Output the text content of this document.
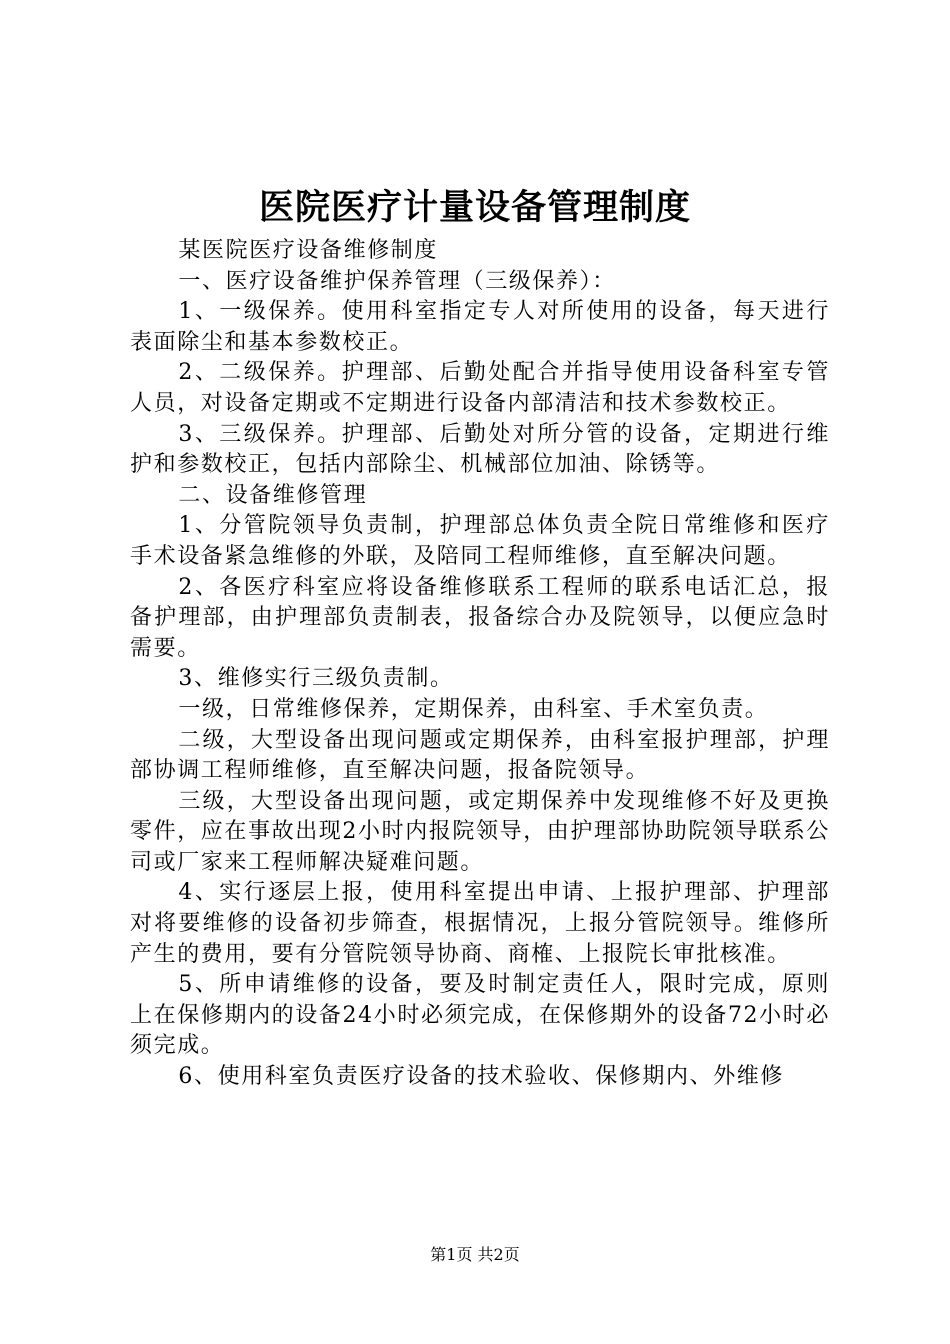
医院医疗计量设备管理制度

某医院医疗设备维修制度

一、医疗设备维护保养管理（三级保养）：

1、一级保养。使用科室指定专人对所使用的设备，每天进行表面除尘和基本参数校正。

2、二级保养。护理部、后勤处配合并指导使用设备科室专管人员，对设备定期或不定期进行设备内部清洁和技术参数校正。

3、三级保养。护理部、后勤处对所分管的设备，定期进行维护和参数校正，包括内部除尘、机械部位加油、除锈等。

二、设备维修管理

1、分管院领导负责制，护理部总体负责全院日常维修和医疗手术设备紧急维修的外联，及陪同工程师维修，直至解决问题。

2、各医疗科室应将设备维修联系工程师的联系电话汇总，报备护理部，由护理部负责制表，报备综合办及院领导，以便应急时需要。

3、维修实行三级负责制。

一级，日常维修保养，定期保养，由科室、手术室负责。

二级，大型设备出现问题或定期保养，由科室报护理部，护理部协调工程师维修，直至解决问题，报备院领导。

三级，大型设备出现问题，或定期保养中发现维修不好及更换零件，应在事故出现2小时内报院领导，由护理部协助院领导联系公司或厂家来工程师解决疑难问题。

4、实行逐层上报，使用科室提出申请、上报护理部、护理部对将要维修的设备初步筛查，根据情况，上报分管院领导。维修所产生的费用，要有分管院领导协商、商榷、上报院长审批核准。

5、所申请维修的设备，要及时制定责任人，限时完成，原则上在保修期内的设备24小时必须完成，在保修期外的设备72小时必须完成。

6、使用科室负责医疗设备的技术验收、保修期内、外维修

第1页 共2页
